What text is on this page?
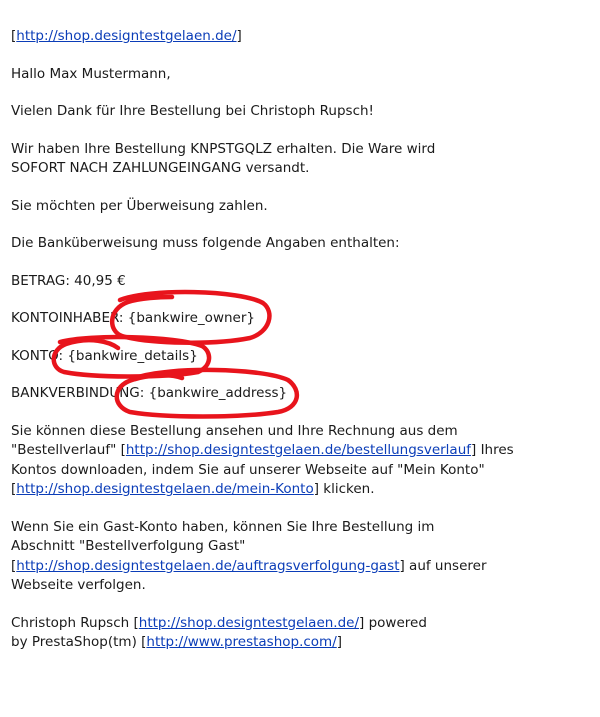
[http://shop.designtestgelaen.de/]

Hallo Max Mustermann,

Vielen Dank für Ihre Bestellung bei Christoph Rupsch!

Wir haben Ihre Bestellung KNPSTGQLZ erhalten. Die Ware wird
SOFORT NACH ZAHLUNGEINGANG versandt.

Sie möchten per Überweisung zahlen.

Die Banküberweisung muss folgende Angaben enthalten:

BETRAG: 40,95 €

KONTOINHABER: {bankwire_owner}

KONTO: {bankwire_details}

BANKVERBINDUNG: {bankwire_address}

Sie können diese Bestellung ansehen und Ihre Rechnung aus dem
"Bestellverlauf" [http://shop.designtestgelaen.de/bestellungsverlauf] Ihres
Kontos downloaden, indem Sie auf unserer Webseite auf "Mein Konto"
[http://shop.designtestgelaen.de/mein-Konto] klicken.

Wenn Sie ein Gast-Konto haben, können Sie Ihre Bestellung im
Abschnitt "Bestellverfolgung Gast"
[http://shop.designtestgelaen.de/auftragsverfolgung-gast] auf unserer
Webseite verfolgen.

Christoph Rupsch [http://shop.designtestgelaen.de/] powered
by PrestaShop(tm) [http://www.prestashop.com/]
